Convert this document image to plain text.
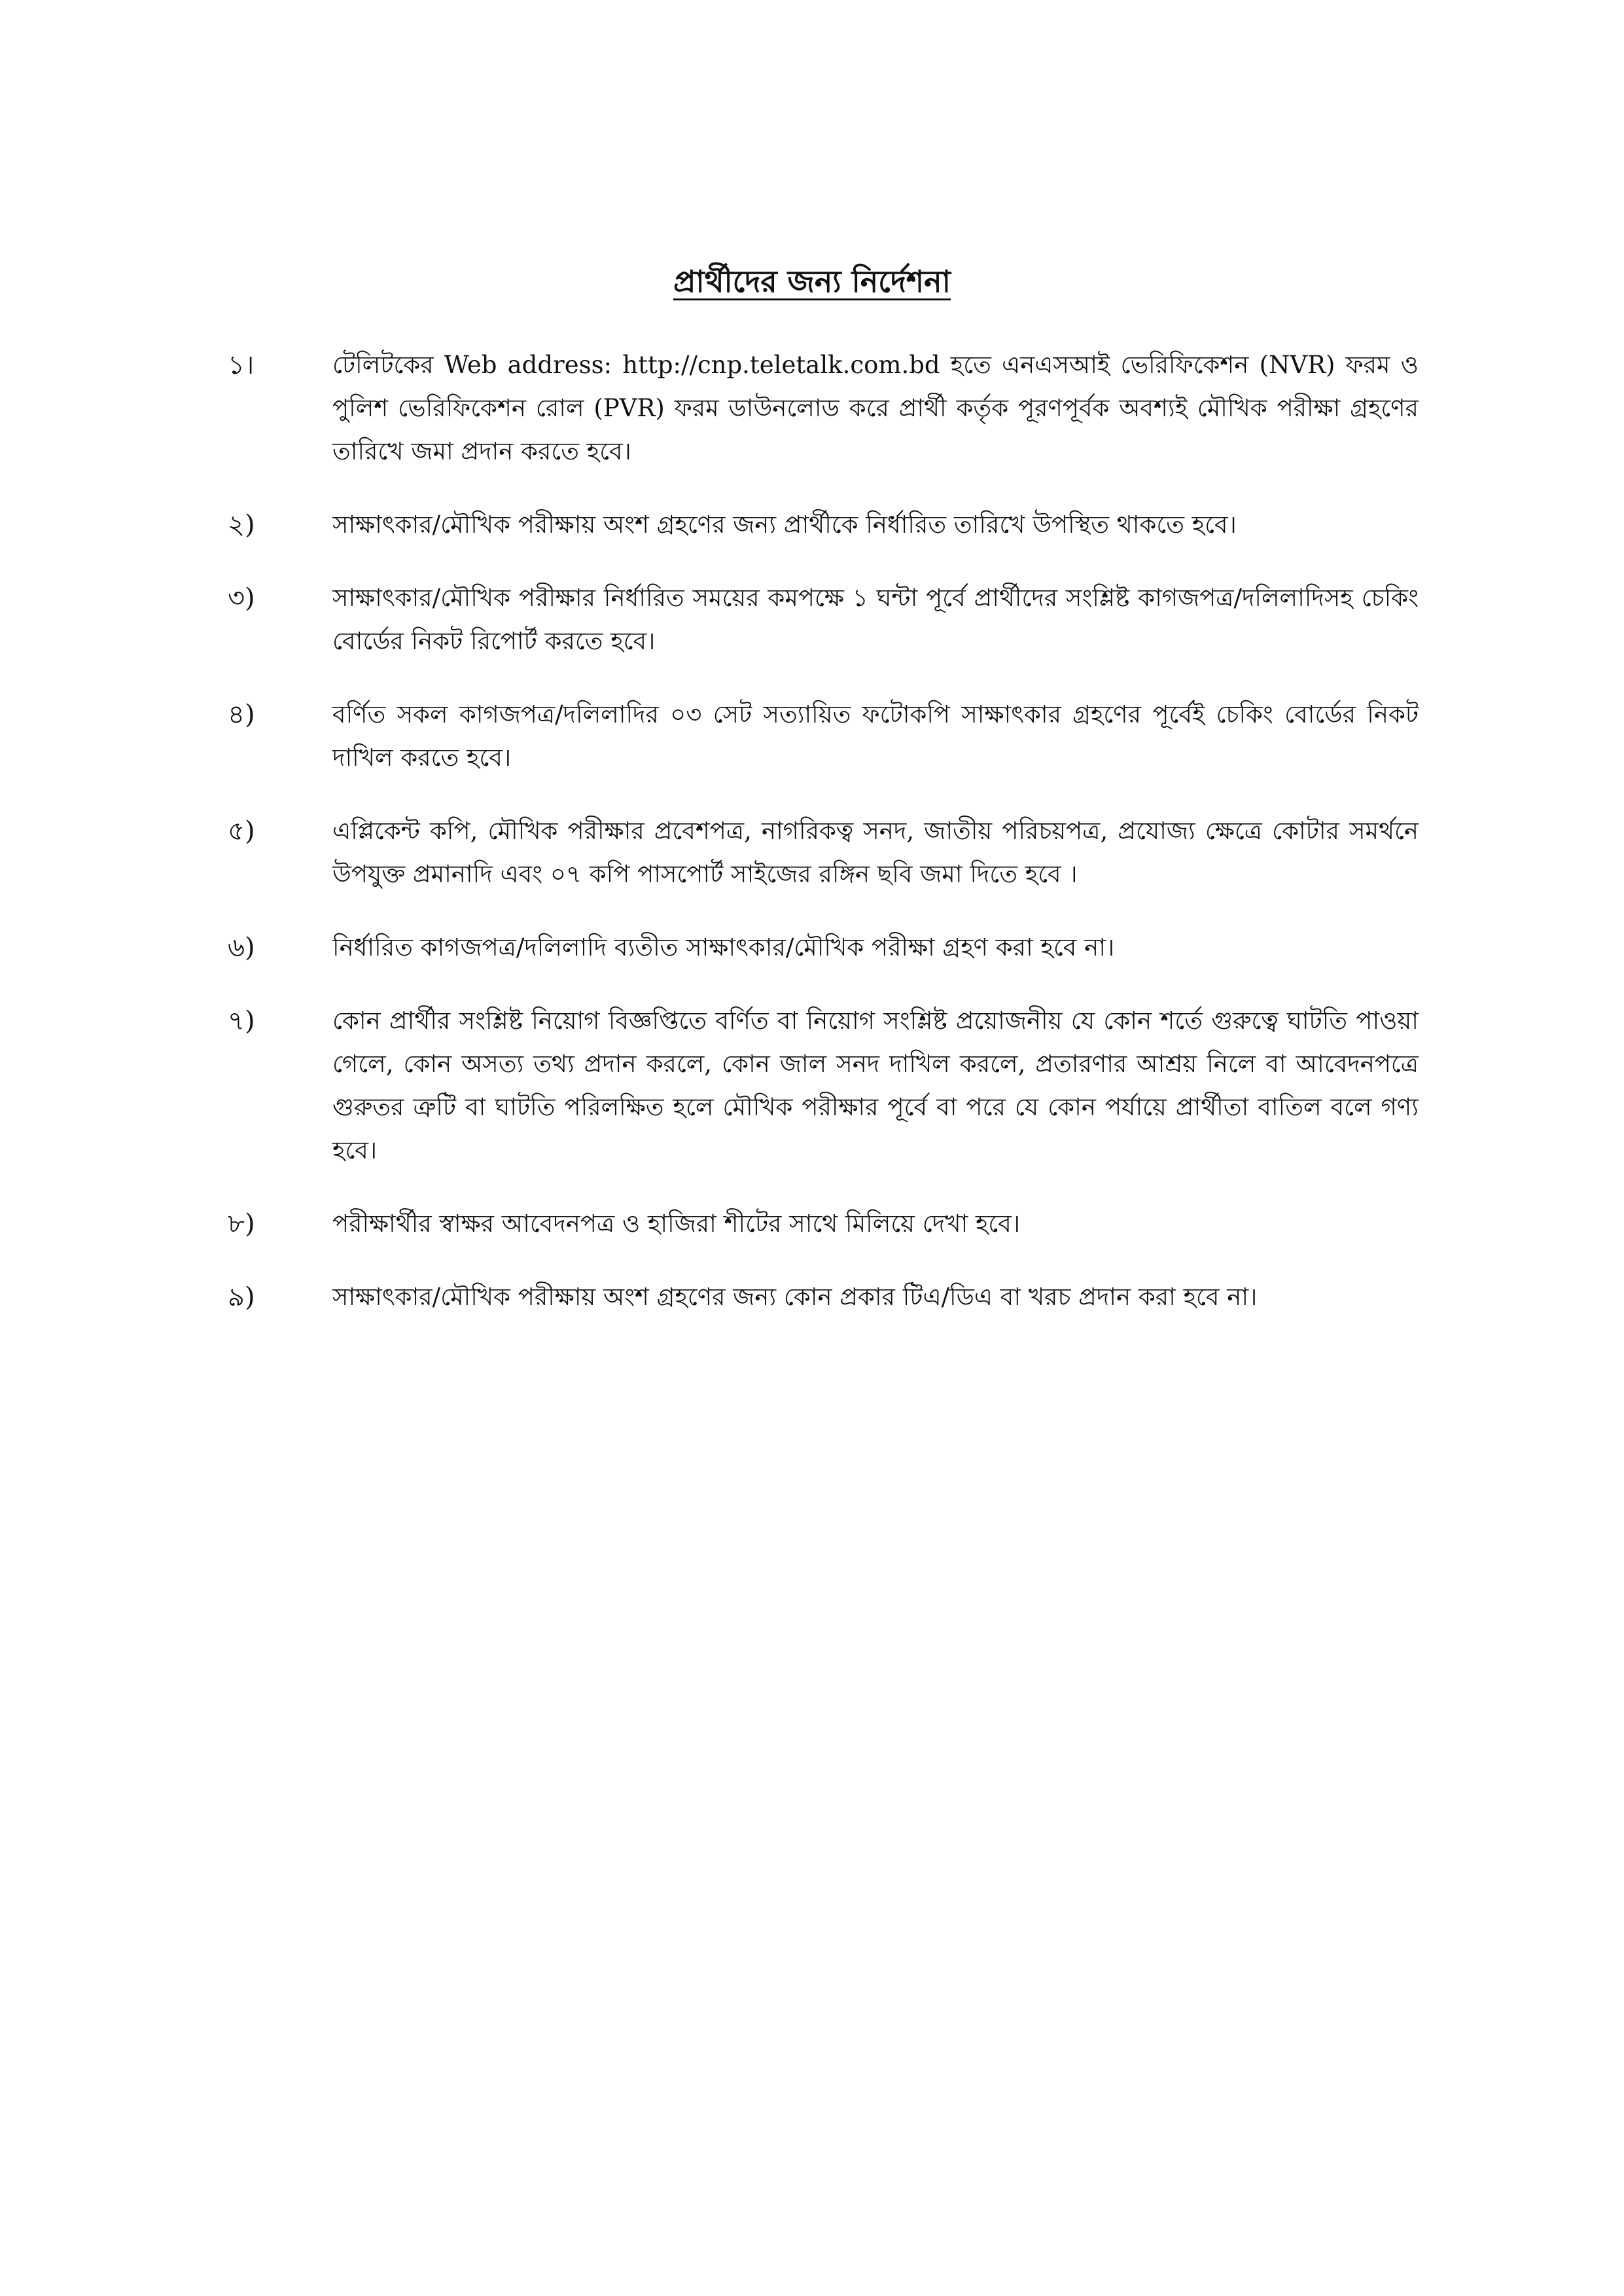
প্রার্থীদের জন্য নির্দেশনা
১।	টেলিটকের Web address: http://cnp.teletalk.com.bd হতে এনএসআই ভেরিফিকেশন (NVR) ফরম ও পুলিশ ভেরিফিকেশন রোল (PVR) ফরম ডাউনলোড করে প্রার্থী কর্তৃক পূরণপূর্বক অবশ্যই মৌখিক পরীক্ষা গ্রহণের তারিখে জমা প্রদান করতে হবে।
২)	সাক্ষাৎকার/মৌখিক পরীক্ষায় অংশ গ্রহণের জন্য প্রার্থীকে নির্ধারিত তারিখে উপস্থিত থাকতে হবে।
৩)	সাক্ষাৎকার/মৌখিক পরীক্ষার নির্ধারিত সময়ের কমপক্ষে ১ ঘন্টা পূর্বে প্রার্থীদের সংশ্লিষ্ট কাগজপত্র/দলিলাদিসহ চেকিং বোর্ডের নিকট রিপোর্ট করতে হবে।
৪)	বর্ণিত সকল কাগজপত্র/দলিলাদির ০৩ সেট সত্যায়িত ফটোকপি সাক্ষাৎকার গ্রহণের পূর্বেই চেকিং বোর্ডের নিকট দাখিল করতে হবে।
৫)	এপ্লিকেন্ট কপি, মৌখিক পরীক্ষার প্রবেশপত্র, নাগরিকত্ব সনদ, জাতীয় পরিচয়পত্র, প্রযোজ্য ক্ষেত্রে কোটার সমর্থনে উপযুক্ত প্রমানাদি এবং ০৭ কপি পাসপোর্ট সাইজের রঙ্গিন ছবি জমা দিতে হবে ।
৬)	নির্ধারিত কাগজপত্র/দলিলাদি ব্যতীত সাক্ষাৎকার/মৌখিক পরীক্ষা গ্রহণ করা হবে না।
৭)	কোন প্রার্থীর সংশ্লিষ্ট নিয়োগ বিজ্ঞপ্তিতে বর্ণিত বা নিয়োগ সংশ্লিষ্ট প্রয়োজনীয় যে কোন শর্তে গুরুত্বে ঘাটতি পাওয়া গেলে, কোন অসত্য তথ্য প্রদান করলে, কোন জাল সনদ দাখিল করলে, প্রতারণার আশ্রয় নিলে বা আবেদনপত্রে গুরুতর ত্রুটি বা ঘাটতি পরিলক্ষিত হলে মৌখিক পরীক্ষার পূর্বে বা পরে যে কোন পর্যায়ে প্রার্থীতা বাতিল বলে গণ্য হবে।
৮)	পরীক্ষার্থীর স্বাক্ষর আবেদনপত্র ও হাজিরা শীটের সাথে মিলিয়ে দেখা হবে।
৯)	সাক্ষাৎকার/মৌখিক পরীক্ষায় অংশ গ্রহণের জন্য কোন প্রকার টিএ/ডিএ বা খরচ প্রদান করা হবে না।
